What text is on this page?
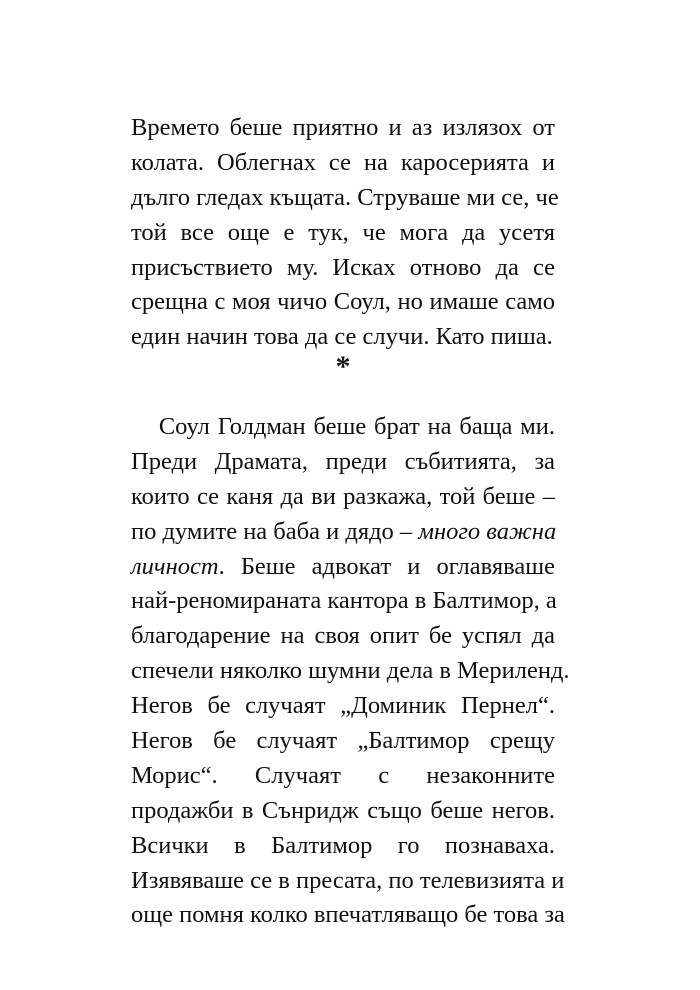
Времето беше приятно и аз излязох от
колата. Облегнах се на каросерията и
дълго гледах къщата. Струваше ми се, че
той все още е тук, че мога да усетя
присъствието му. Исках отново да се
срещна с моя чичо Соул, но имаше само
един начин това да се случи. Като пиша.
*
Соул Голдман беше брат на баща ми.
Преди Драмата, преди събитията, за
които се каня да ви разкажа, той беше –
по думите на баба и дядо – много важна
личност. Беше адвокат и оглавяваше
най-реномираната кантора в Балтимор, а
благодарение на своя опит бе успял да
спечели няколко шумни дела в Мериленд.
Негов бе случаят „Доминик Пернел“.
Негов бе случаят „Балтимор срещу
Морис“. Случаят с незаконните
продажби в Сънридж също беше негов.
Всички в Балтимор го познаваха.
Изявяваше се в пресата, по телевизията и
още помня колко впечатляващо бе това за
